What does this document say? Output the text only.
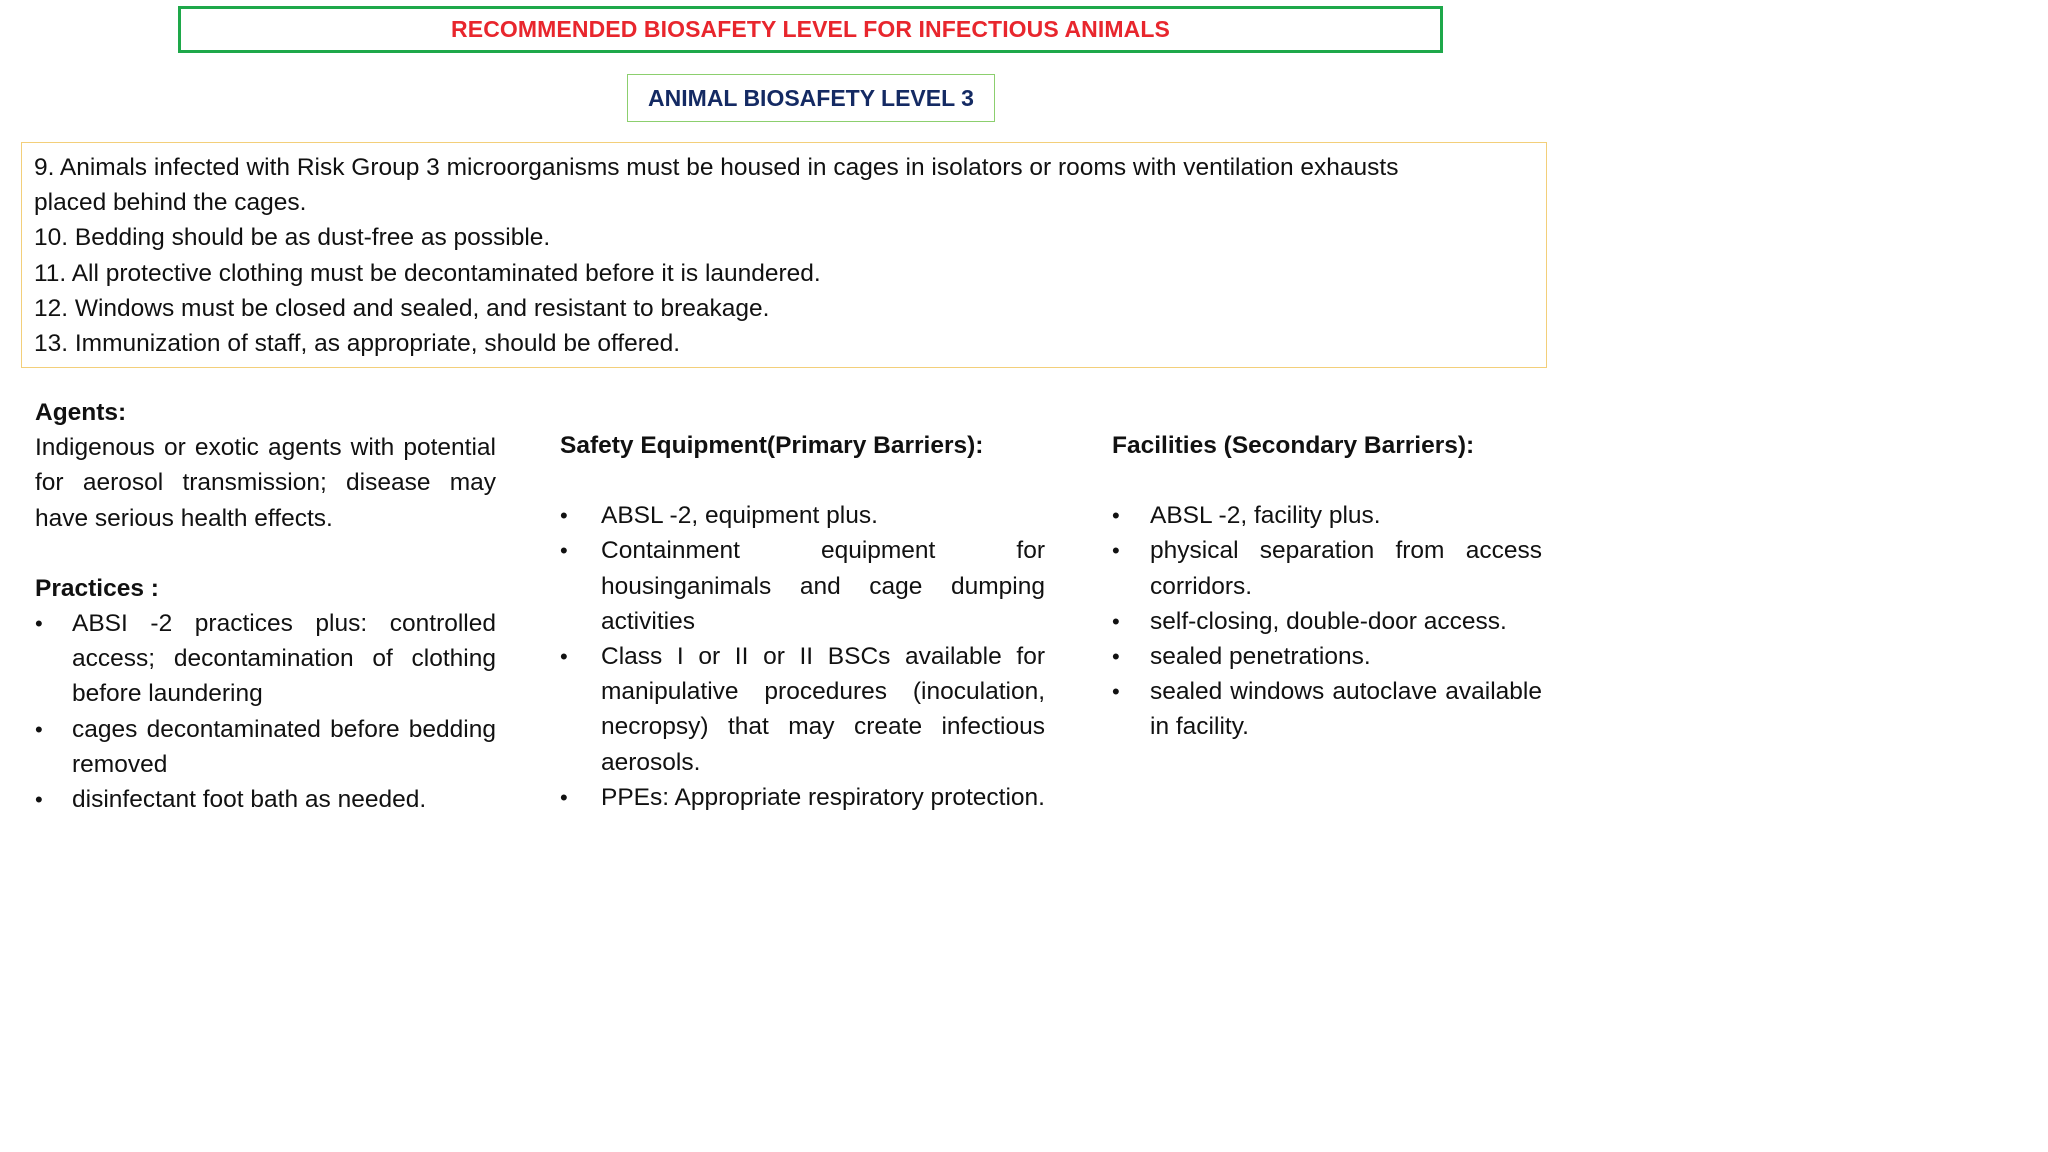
RECOMMENDED BIOSAFETY LEVEL FOR INFECTIOUS ANIMALS
ANIMAL BIOSAFETY LEVEL 3
9. Animals infected with Risk Group 3 microorganisms must be housed in cages in isolators or rooms with ventilation exhausts
placed behind the cages.
10. Bedding should be as dust-free as possible.
11. All protective clothing must be decontaminated before it is laundered.
12. Windows must be closed and sealed, and resistant to breakage.
13. Immunization of staff, as appropriate, should be offered.
Agents:
Indigenous or exotic agents with potential for aerosol transmission; disease may have serious health effects.
Practices :
• ABSI -2 practices plus: controlled access; decontamination of clothing before laundering
• cages decontaminated before bedding removed
• disinfectant foot bath as needed.
Safety Equipment(Primary Barriers):
• ABSL -2, equipment plus.
• Containment equipment for housinganimals and cage dumping activities
• Class I or II or II BSCs available for manipulative procedures (inoculation, necropsy) that may create infectious aerosols.
• PPEs: Appropriate respiratory protection.
Facilities (Secondary Barriers):
• ABSL -2, facility plus.
• physical separation from access corridors.
• self-closing, double-door access.
• sealed penetrations.
• sealed windows autoclave available in facility.
